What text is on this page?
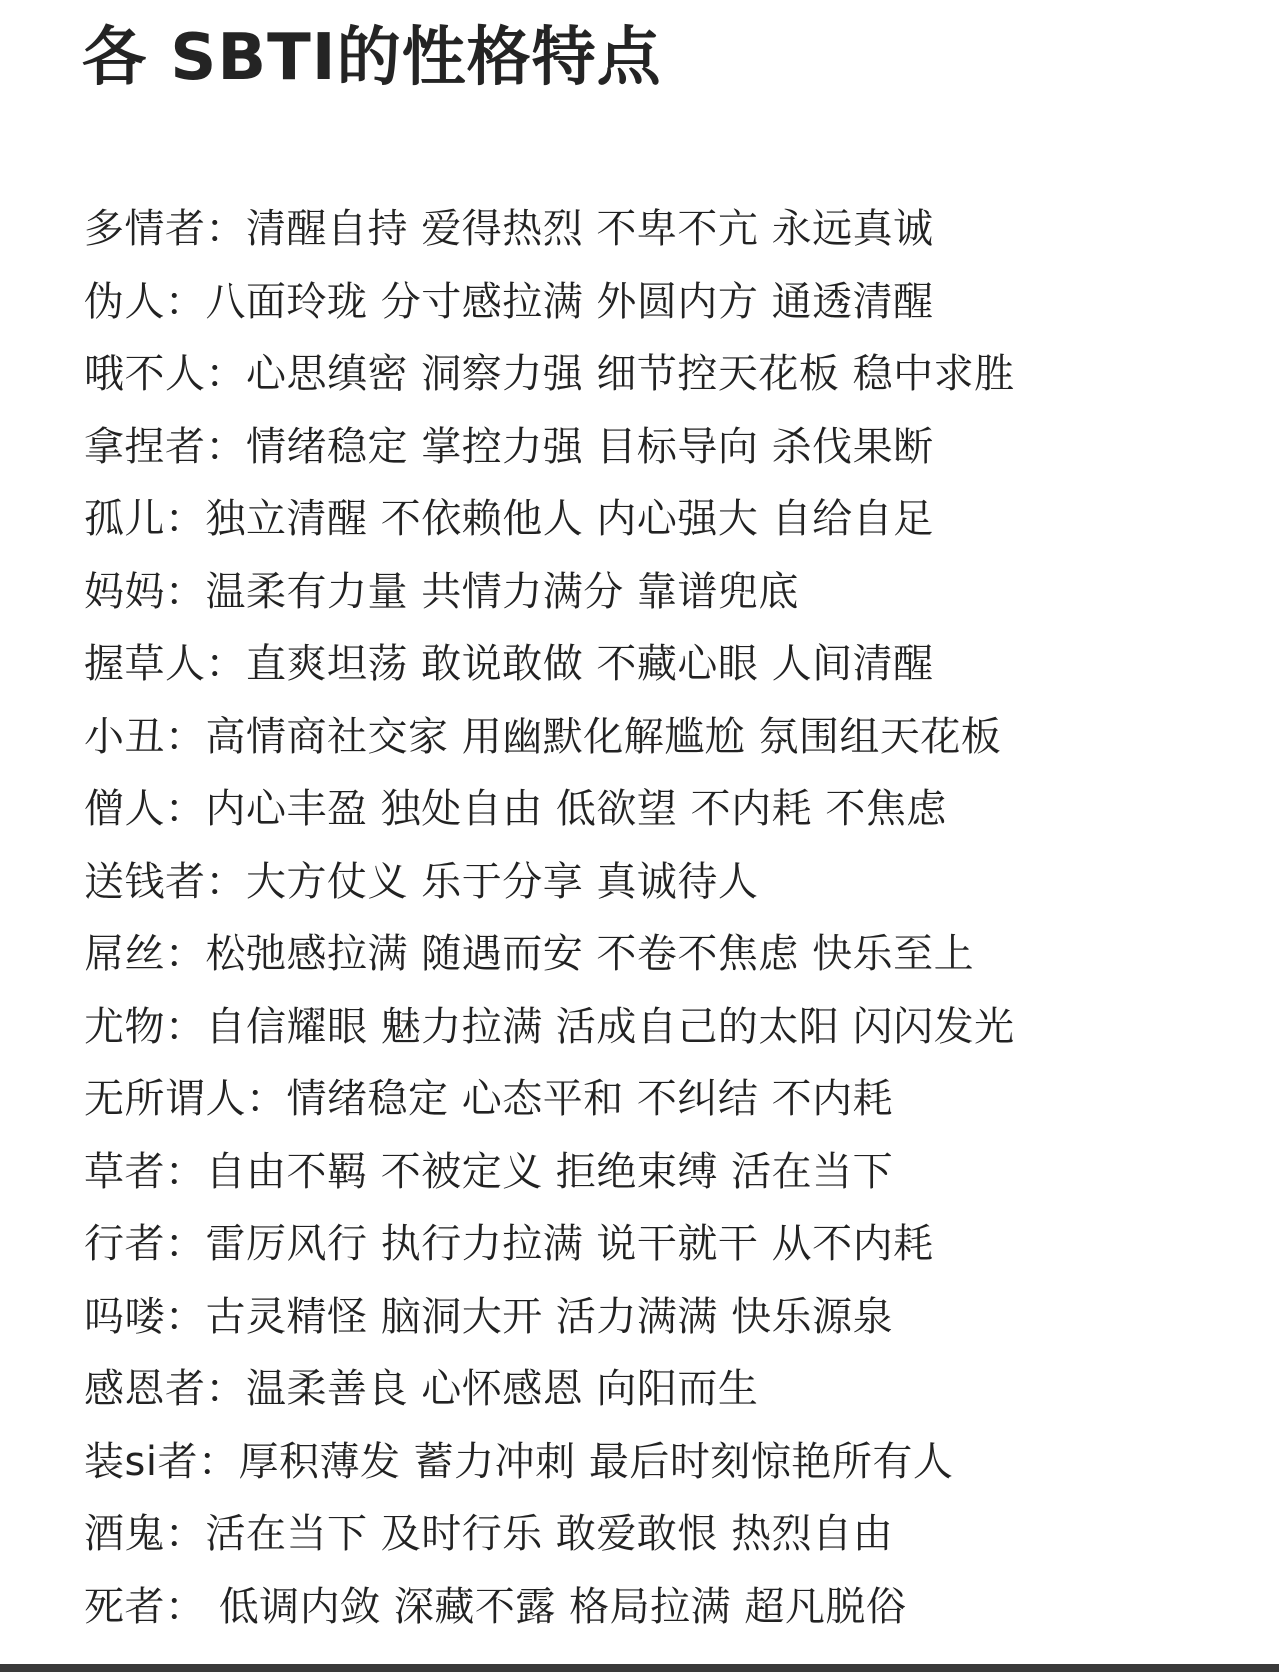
各 SBTI的性格特点
多情者：清醒自持 爱得热烈 不卑不亢 永远真诚
伪人：八面玲珑 分寸感拉满 外圆内方 通透清醒
哦不人：心思缜密 洞察力强 细节控天花板 稳中求胜
拿捏者：情绪稳定 掌控力强 目标导向 杀伐果断
孤儿：独立清醒 不依赖他人 内心强大 自给自足
妈妈：温柔有力量 共情力满分 靠谱兜底
握草人：直爽坦荡 敢说敢做 不藏心眼 人间清醒
小丑：高情商社交家 用幽默化解尴尬 氛围组天花板
僧人：内心丰盈 独处自由 低欲望 不内耗 不焦虑
送钱者：大方仗义 乐于分享 真诚待人
屌丝：松弛感拉满 随遇而安 不卷不焦虑 快乐至上
尤物：自信耀眼 魅力拉满 活成自己的太阳 闪闪发光
无所谓人：情绪稳定 心态平和 不纠结 不内耗
草者：自由不羁 不被定义 拒绝束缚 活在当下
行者：雷厉风行 执行力拉满 说干就干 从不内耗
吗喽：古灵精怪 脑洞大开 活力满满 快乐源泉
感恩者：温柔善良 心怀感恩 向阳而生
装si者：厚积薄发 蓄力冲刺 最后时刻惊艳所有人
酒鬼：活在当下 及时行乐 敢爱敢恨 热烈自由
死者： 低调内敛 深藏不露 格局拉满 超凡脱俗
